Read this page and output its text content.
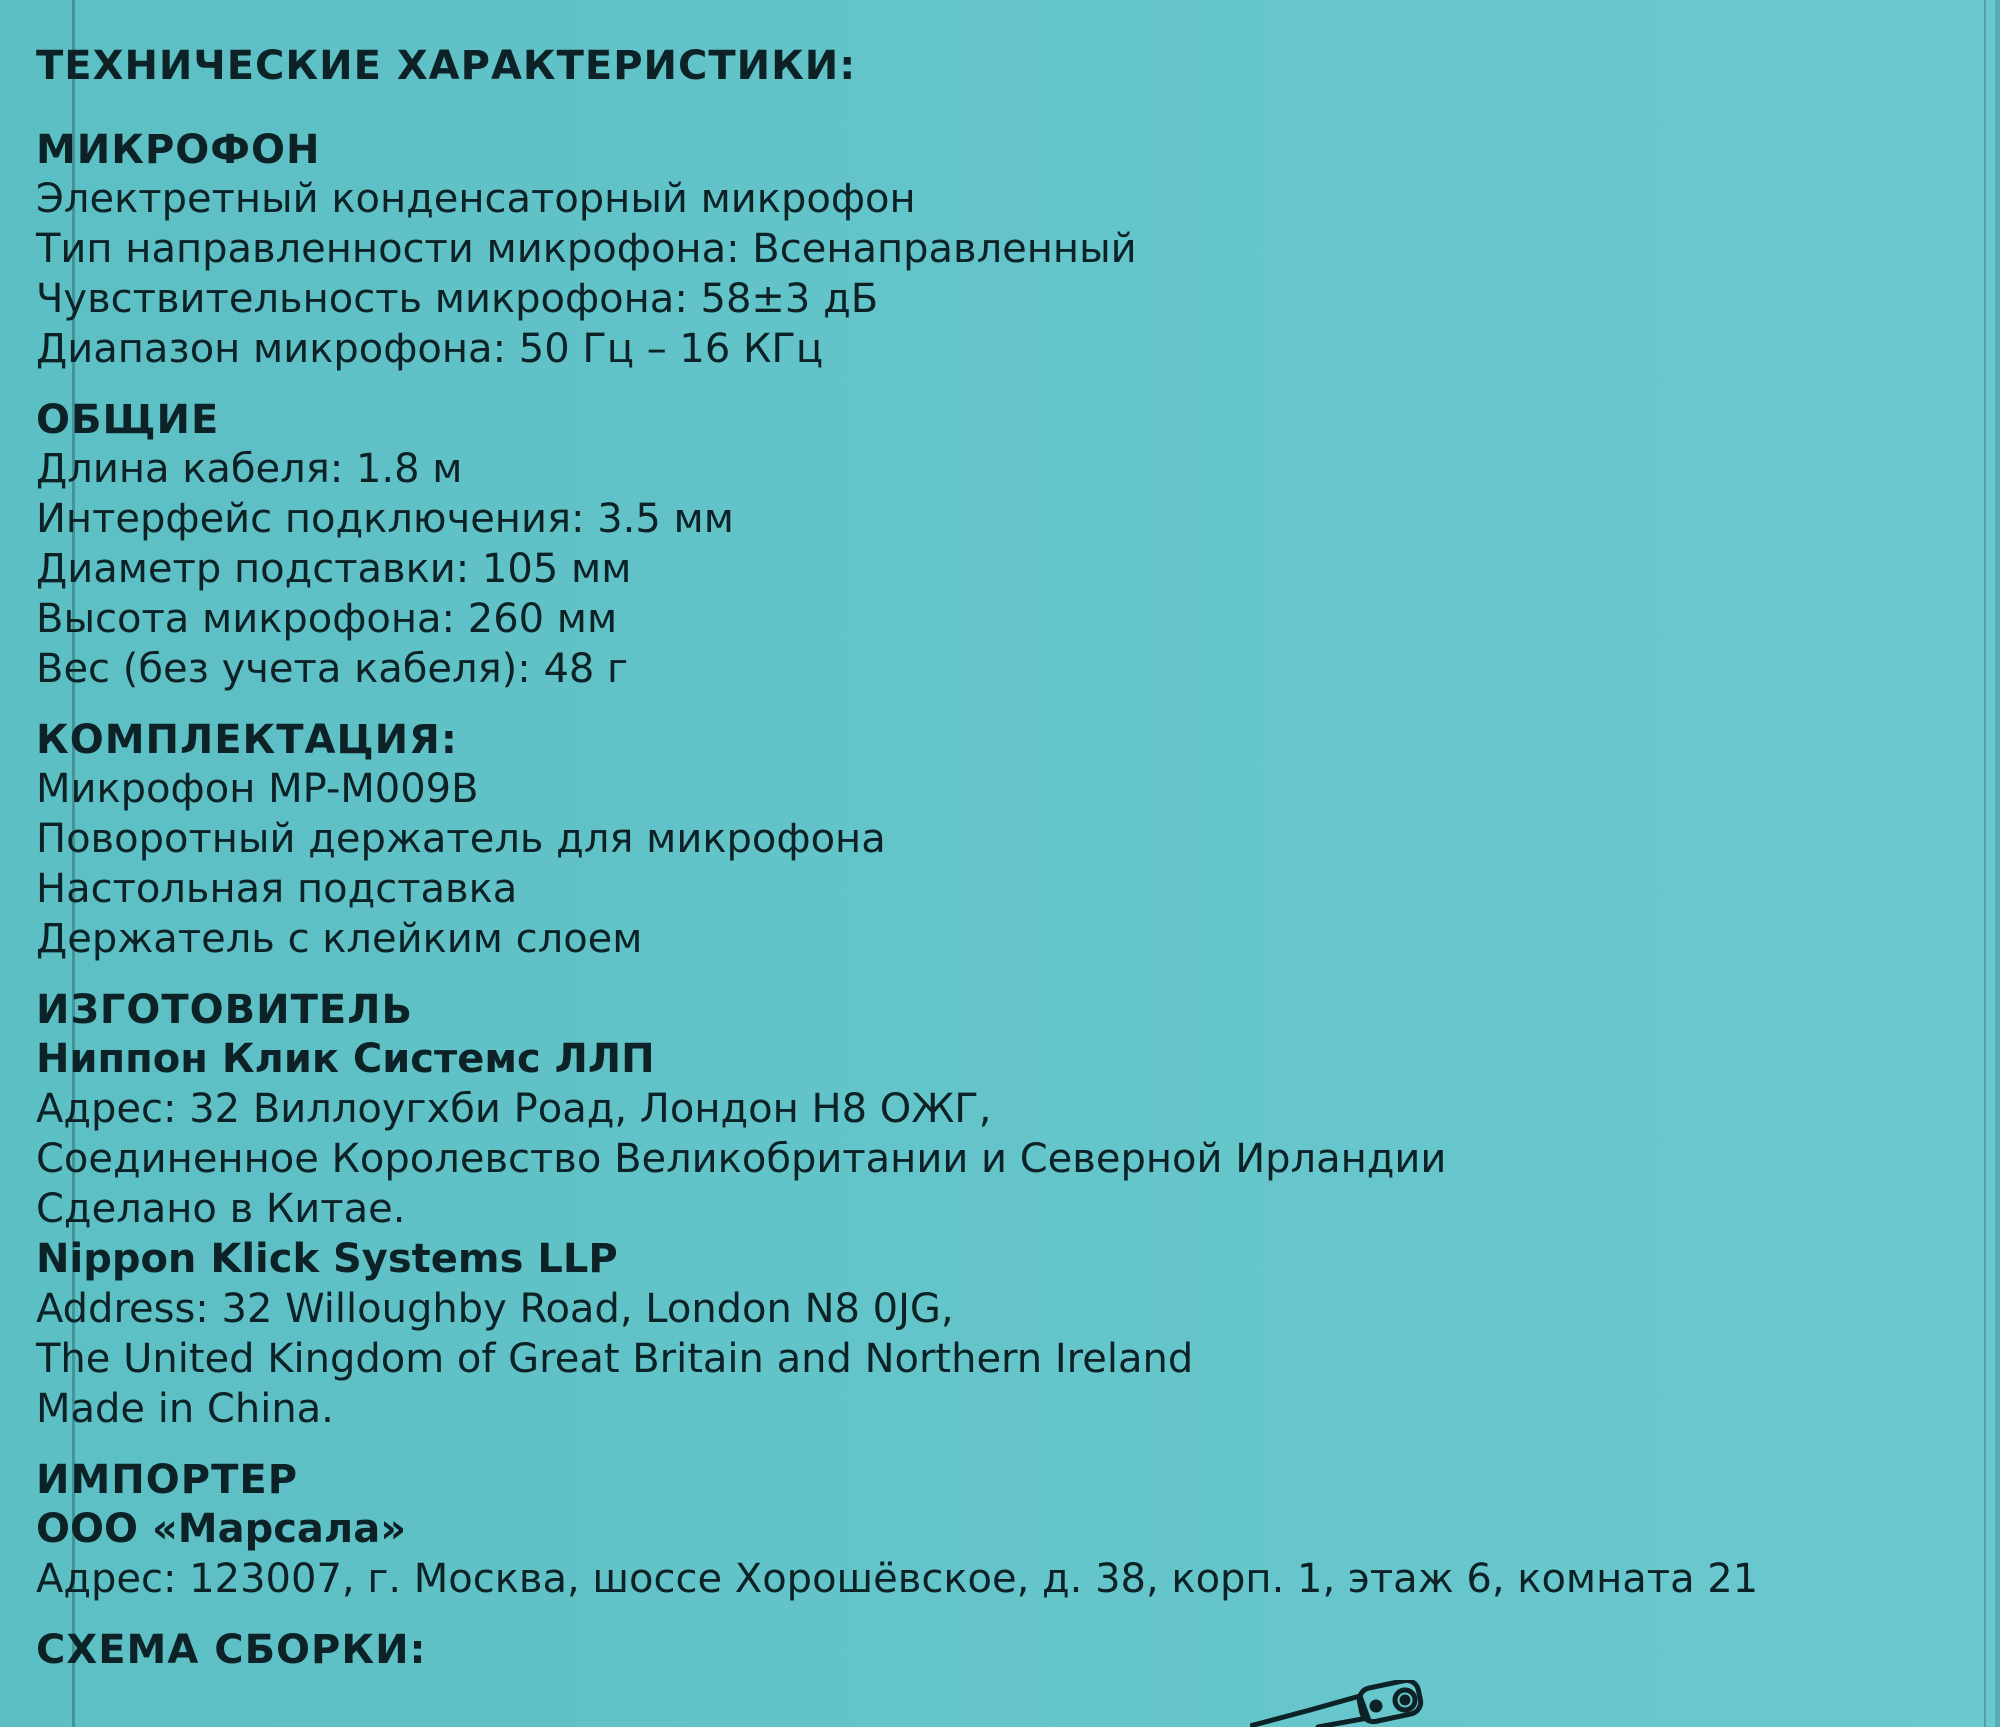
ТЕХНИЧЕСКИЕ ХАРАКТЕРИСТИКИ:
МИКРОФОН
Электретный конденсаторный микрофон
Тип направленности микрофона: Всенаправленный
Чувствительность микрофона: 58±3 дБ
Диапазон микрофона: 50 Гц – 16 КГц
ОБЩИЕ
Длина кабеля: 1.8 м
Интерфейс подключения: 3.5 мм
Диаметр подставки: 105 мм
Высота микрофона: 260 мм
Вес (без учета кабеля): 48 г
КОМПЛЕКТАЦИЯ:
Микрофон MP-M009B
Поворотный держатель для микрофона
Настольная подставка
Держатель с клейким слоем
ИЗГОТОВИТЕЛЬ
Ниппон Клик Системс ЛЛП
Адрес: 32 Виллоугхби Роад, Лондон Н8 ОЖГ,
Соединенное Королевство Великобритании и Северной Ирландии
Сделано в Китае.
Nippon Klick Systems LLP
Address: 32 Willoughby Road, London N8 0JG,
The United Kingdom of Great Britain and Northern Ireland
Made in China.
ИМПОРТЕР
ООО «Марсала»
Адрес: 123007, г. Москва, шоссе Хорошёвское, д. 38, корп. 1, этаж 6, комната 21
СХЕМА СБОРКИ:
